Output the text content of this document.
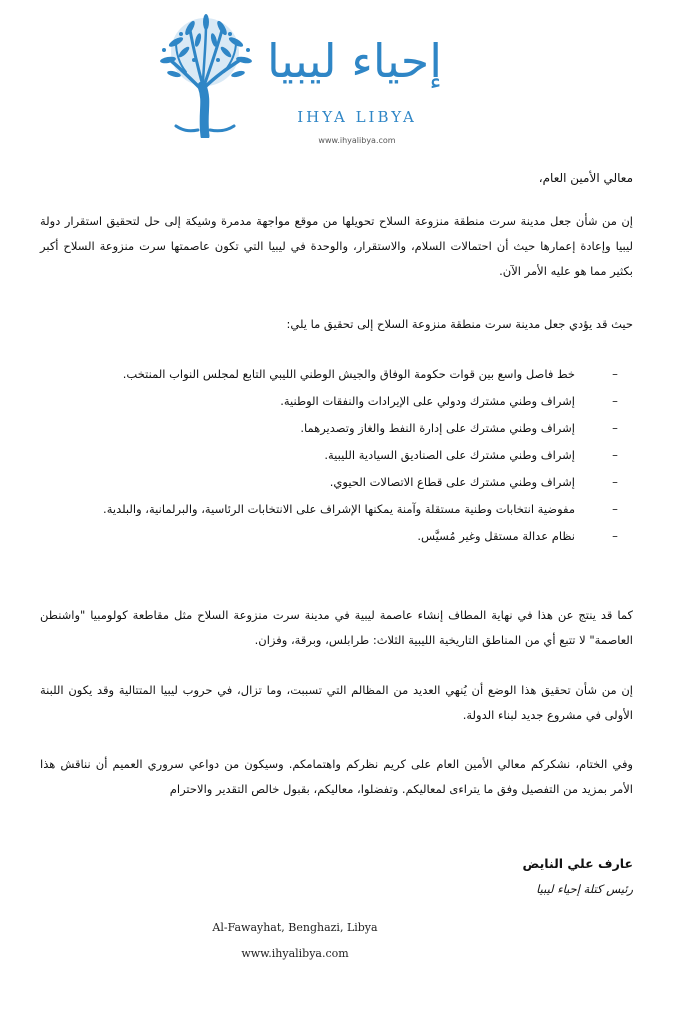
إحياء ليبيا
IHYA LIBYA
www.ihyalibya.com
معالي الأمين العام،
إن من شأن جعل مدينة سرت منطقة منزوعة السلاح تحويلها من موقع مواجهة مدمرة وشيكة إلى حل لتحقيق استقرار دولة ليبيا وإعادة إعمارها حيث أن احتمالات السلام، والاستقرار، والوحدة في ليبيا التي تكون عاصمتها سرت منزوعة السلاح أكبر بكثير مما هو عليه الأمر الآن.
حيث قد يؤدي جعل مدينة سرت منطقة منزوعة السلاح إلى تحقيق ما يلي:
–
خط فاصل واسع بين قوات حكومة الوفاق والجيش الوطني الليبي التابع لمجلس النواب المنتخب.
–
إشراف وطني مشترك ودولي على الإيرادات والنفقات الوطنية.
–
إشراف وطني مشترك على إدارة النفط والغاز وتصديرهما.
–
إشراف وطني مشترك على الصناديق السيادية الليبية.
–
إشراف وطني مشترك على قطاع الاتصالات الحيوي.
–
مفوضية انتخابات وطنية مستقلة وآمنة يمكنها الإشراف على الانتخابات الرئاسية، والبرلمانية، والبلدية.
–
نظام عدالة مستقل وغير مُسيَّس.
كما قد ينتج عن هذا في نهاية المطاف إنشاء عاصمة ليبية في مدينة سرت منزوعة السلاح مثل مقاطعة كولومبيا "واشنطن العاصمة" لا تتبع أي من المناطق التاريخية الليبية الثلاث: طرابلس، وبرقة، وفزان.
إن من شأن تحقيق هذا الوضع أن يُنهي العديد من المظالم التي تسببت، وما تزال، في حروب ليبيا المتتالية وقد يكون اللبنة الأولى في مشروع جديد لبناء الدولة.
وفي الختام، نشكركم معالي الأمين العام على كريم نظركم واهتمامكم. وسيكون من دواعي سروري العميم أن نناقش هذا الأمر بمزيد من التفصيل وفق ما يتراءى لمعاليكم. وتفضلوا، معاليكم، بقبول خالص التقدير والاحترام
عارف علي النايض
رئيس كتلة إحياء ليبيا
Al-Fawayhat, Benghazi, Libya
www.ihyalibya.com
